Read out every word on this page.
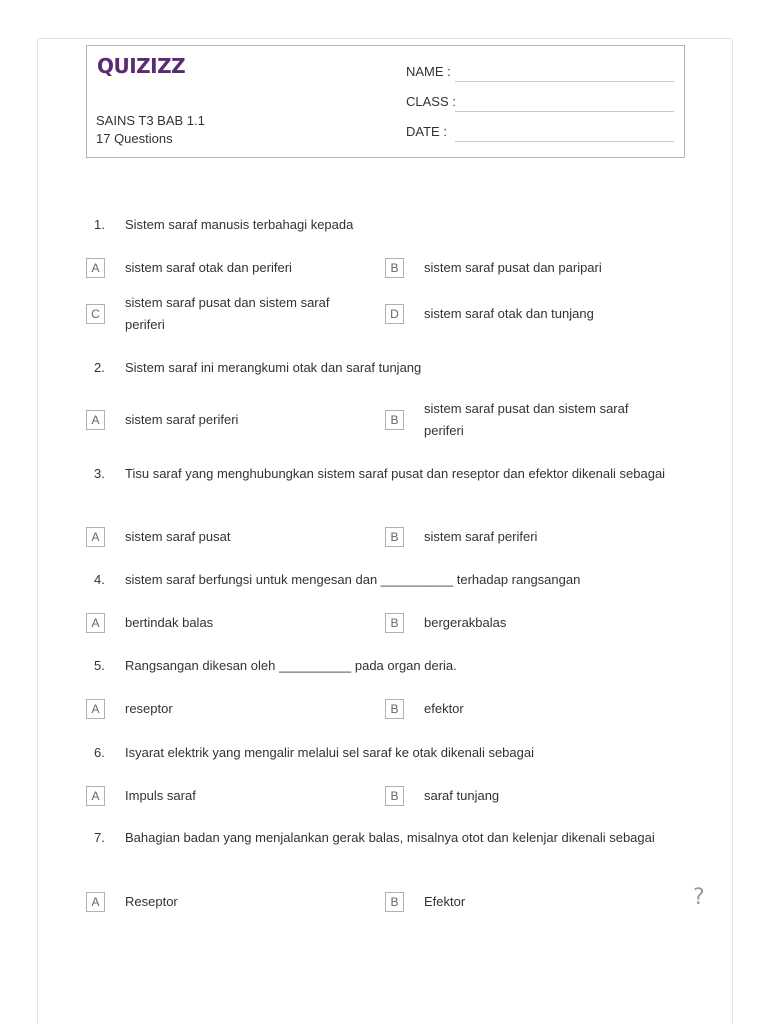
QUIZIZZ
SAINS T3 BAB 1.1
17 Questions
NAME :
CLASS :
DATE :
1.	Sistem saraf manusis terbahagi kepada
A	sistem saraf otak dan periferi	B	sistem saraf pusat dan paripari
C
sistem saraf pusat dan sistem saraf periferi
D	sistem saraf otak dan tunjang
2.	Sistem saraf ini merangkumi otak dan saraf tunjang
A	sistem saraf periferi	B
sistem saraf pusat dan sistem saraf periferi
3.	Tisu saraf yang menghubungkan sistem saraf pusat dan reseptor dan efektor dikenali sebagai
A	sistem saraf pusat	B	sistem saraf periferi
4.	sistem saraf berfungsi untuk mengesan dan __________ terhadap rangsangan
A	bertindak balas	B	bergerakbalas
5.	Rangsangan dikesan oleh __________ pada organ deria.
A	reseptor	B	efektor
6.	Isyarat elektrik yang mengalir melalui sel saraf ke otak dikenali sebagai
A	Impuls saraf	B	saraf tunjang
7.	Bahagian badan yang menjalankan gerak balas, misalnya otot dan kelenjar dikenali sebagai
A	Reseptor	B	Efektor	?
